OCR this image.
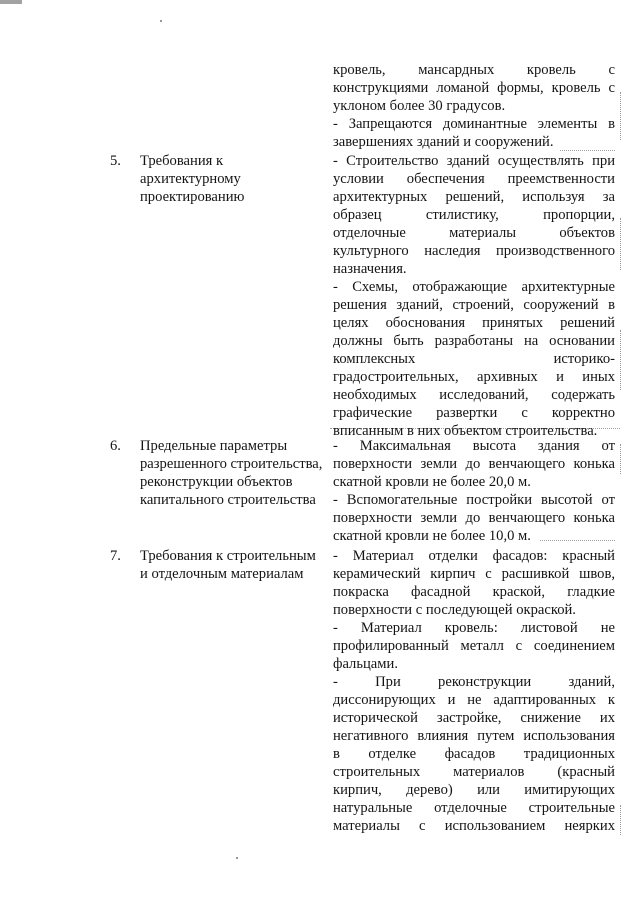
кровель, мансардных кровель с
конструкциями ломаной формы, кровель с
уклоном более 30 градусов.
- Запрещаются доминантные элементы в
завершениях зданий и сооружений.
5. Требования к
архитектурному
проектированию
- Строительство зданий осуществлять при
условии обеспечения преемственности
архитектурных решений, используя за
образец стилистику, пропорции,
отделочные материалы объектов
культурного наследия производственного
назначения.
- Схемы, отображающие архитектурные
решения зданий, строений, сооружений в
целях обоснования принятых решений
должны быть разработаны на основании
комплексных историко-
градостроительных, архивных и иных
необходимых исследований, содержать
графические развертки с корректно
вписанным в них объектом строительства.
6. Предельные параметры
разрешенного строительства,
реконструкции объектов
капитального строительства
- Максимальная высота здания от
поверхности земли до венчающего конька
скатной кровли не более 20,0 м.
- Вспомогательные постройки высотой от
поверхности земли до венчающего конька
скатной кровли не более 10,0 м.
7. Требования к строительным
и отделочным материалам
- Материал отделки фасадов: красный
керамический кирпич с расшивкой швов,
покраска фасадной краской, гладкие
поверхности с последующей окраской.
- Материал кровель: листовой не
профилированный металл с соединением
фальцами.
- При реконструкции зданий,
диссонирующих и не адаптированных к
исторической застройке, снижение их
негативного влияния путем использования
в отделке фасадов традиционных
строительных материалов (красный
кирпич, дерево) или имитирующих
натуральные отделочные строительные
материалы с использованием неярких
